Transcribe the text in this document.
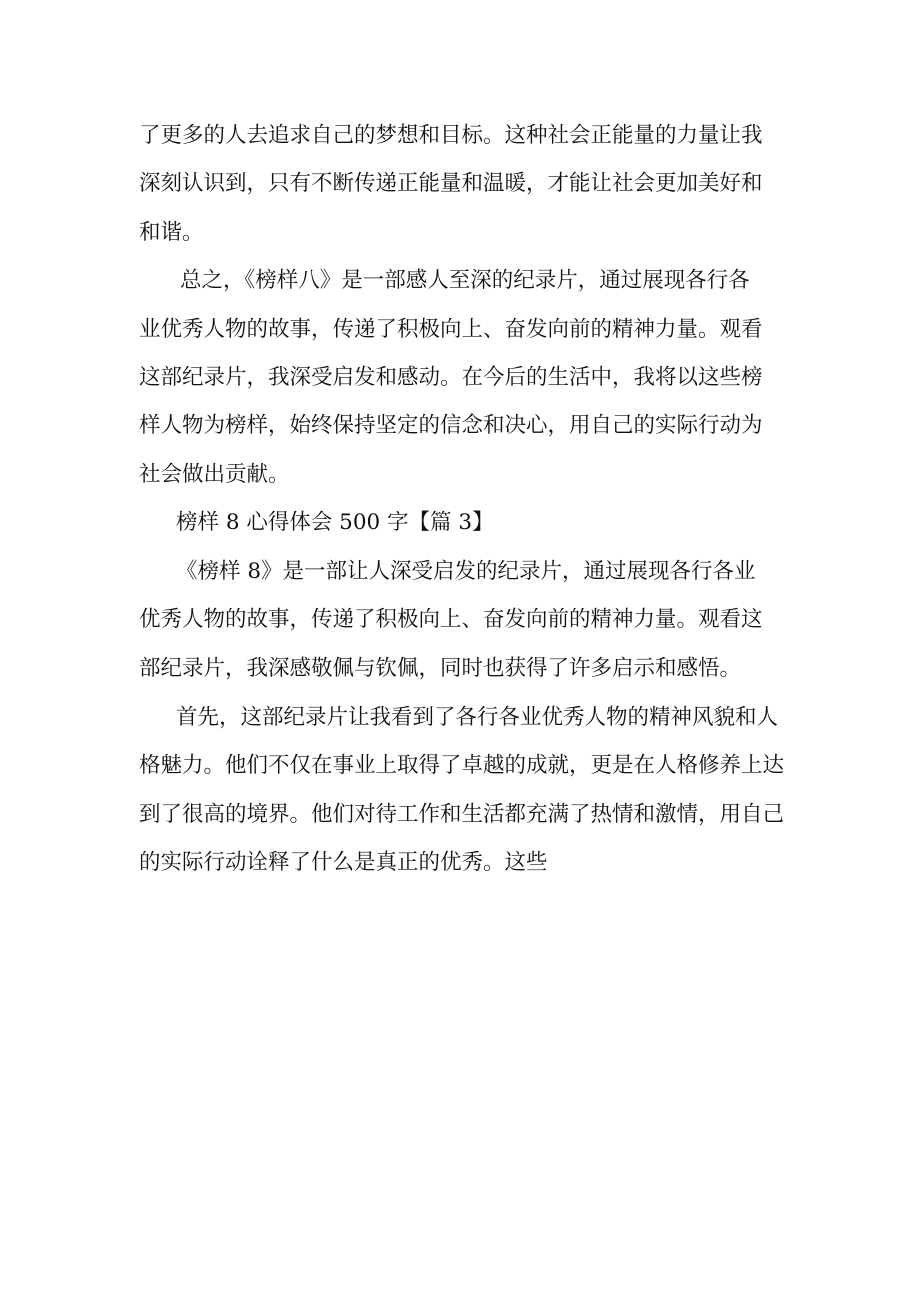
了更多的人去追求自己的梦想和目标。这种社会正能量的力量让我
深刻认识到，只有不断传递正能量和温暖，才能让社会更加美好和
和谐。
总之，《榜样八》是一部感人至深的纪录片，通过展现各行各
业优秀人物的故事，传递了积极向上、奋发向前的精神力量。观看
这部纪录片，我深受启发和感动。在今后的生活中，我将以这些榜
样人物为榜样，始终保持坚定的信念和决心，用自己的实际行动为
社会做出贡献。
榜样 8 心得体会 500 字【篇 3】
《榜样 8》是一部让人深受启发的纪录片，通过展现各行各业
优秀人物的故事，传递了积极向上、奋发向前的精神力量。观看这
部纪录片，我深感敬佩与钦佩，同时也获得了许多启示和感悟。
首先，这部纪录片让我看到了各行各业优秀人物的精神风貌和人
格魅力。他们不仅在事业上取得了卓越的成就，更是在人格修养上达
到了很高的境界。他们对待工作和生活都充满了热情和激情，用自己
的实际行动诠释了什么是真正的优秀。这些
